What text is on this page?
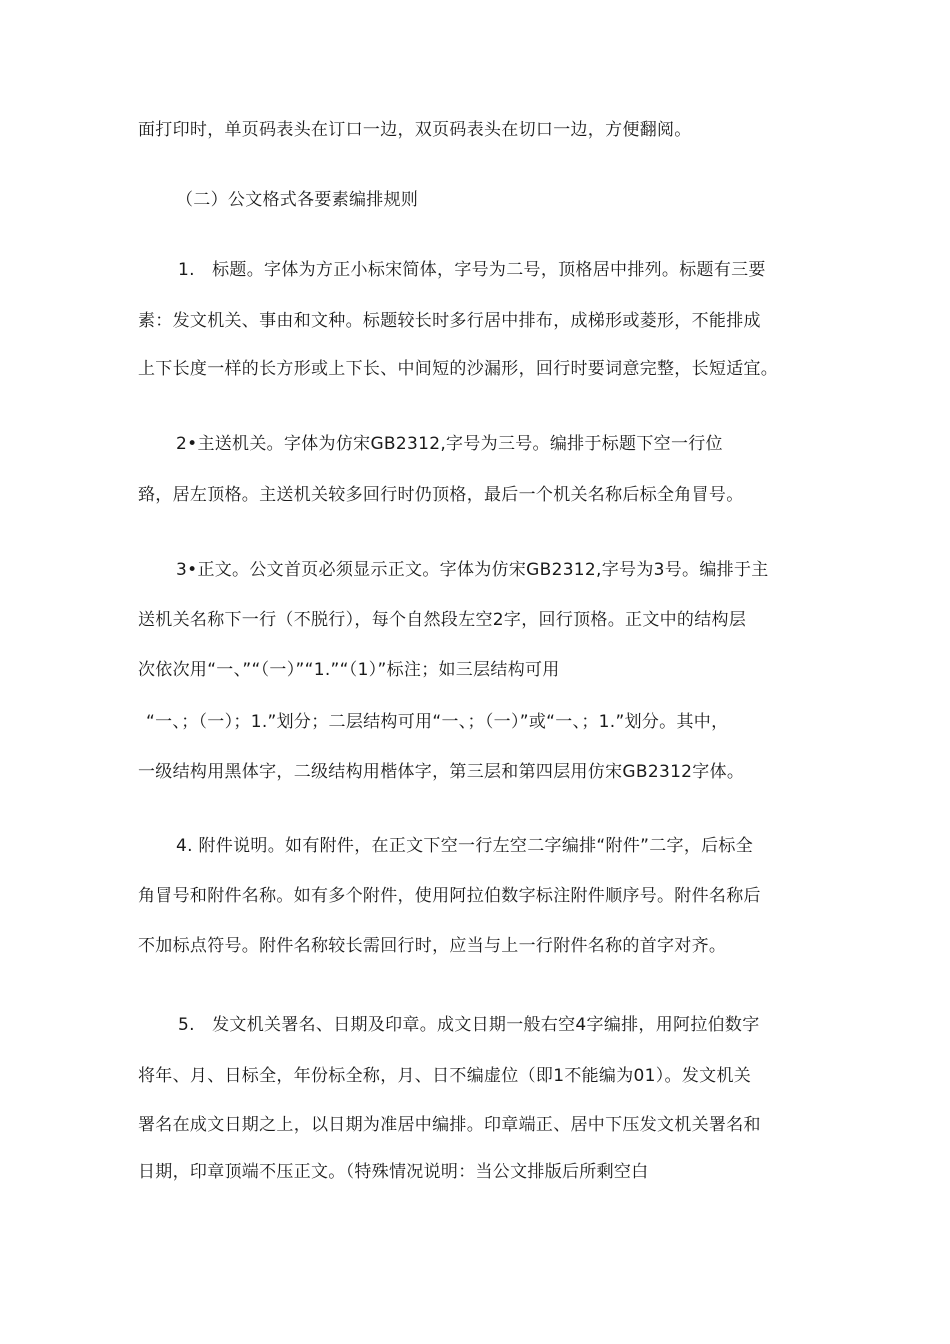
面打印时，单页码表头在订口一边，双页码表头在切口一边，方便翻阅。
（二）公文格式各要素编排规则
1.　标题。字体为方正小标宋简体，字号为二号，顶格居中排列。标题有三要
素：发文机关、事由和文种。标题较长时多行居中排布，成梯形或菱形，不能排成
上下长度一样的长方形或上下长、中间短的沙漏形，回行时要词意完整，长短适宜。
2•主送机关。字体为仿宋GB2312,字号为三号。编排于标题下空一行位
臵，居左顶格。主送机关较多回行时仍顶格，最后一个机关名称后标全角冒号。
3•正文。公文首页必须显示正文。字体为仿宋GB2312,字号为3号。编排于主
送机关名称下一行（不脱行），每个自然段左空2字，回行顶格。正文中的结构层
次依次用“一、”“（一）”“1.”“（1）”标注；如三层结构可用
“一、；（一）；1.”划分；二层结构可用“一、；（一）”或“一、；1.”划分。其中，
一级结构用黑体字，二级结构用楷体字，第三层和第四层用仿宋GB2312字体。
4. 附件说明。如有附件，在正文下空一行左空二字编排“附件”二字，后标全
角冒号和附件名称。如有多个附件，使用阿拉伯数字标注附件顺序号。附件名称后
不加标点符号。附件名称较长需回行时，应当与上一行附件名称的首字对齐。
5.　发文机关署名、日期及印章。成文日期一般右空4字编排，用阿拉伯数字
将年、月、日标全，年份标全称，月、日不编虚位（即1不能编为01）。发文机关
署名在成文日期之上，以日期为准居中编排。印章端正、居中下压发文机关署名和
日期，印章顶端不压正文。（特殊情况说明：当公文排版后所剩空白
